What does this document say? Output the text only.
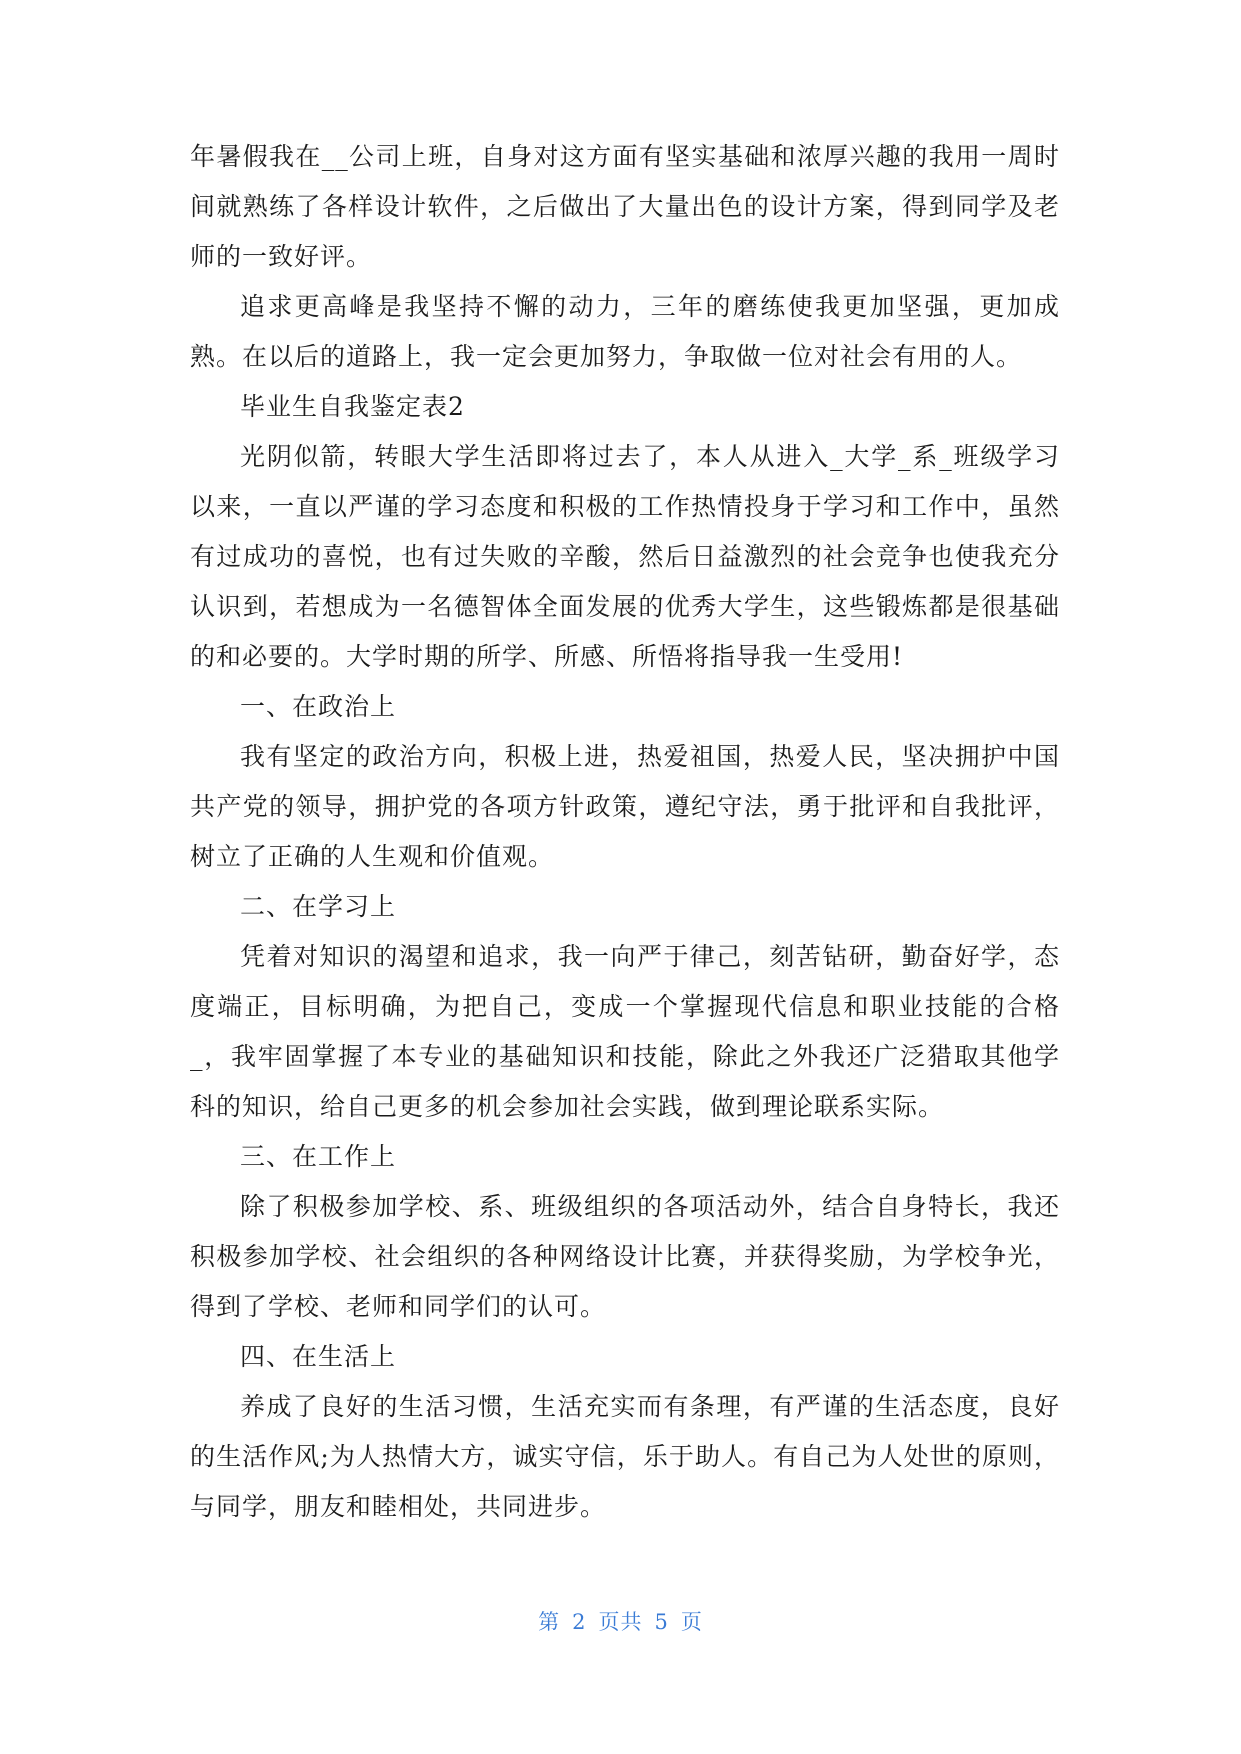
年暑假我在__公司上班，自身对这方面有坚实基础和浓厚兴趣的我用一周时间就熟练了各样设计软件，之后做出了大量出色的设计方案，得到同学及老师的一致好评。

追求更高峰是我坚持不懈的动力，三年的磨练使我更加坚强，更加成熟。在以后的道路上，我一定会更加努力，争取做一位对社会有用的人。

毕业生自我鉴定表2

光阴似箭，转眼大学生活即将过去了，本人从进入_大学_系_班级学习以来，一直以严谨的学习态度和积极的工作热情投身于学习和工作中，虽然有过成功的喜悦，也有过失败的辛酸，然后日益激烈的社会竞争也使我充分认识到，若想成为一名德智体全面发展的优秀大学生，这些锻炼都是很基础的和必要的。大学时期的所学、所感、所悟将指导我一生受用!

一、在政治上

我有坚定的政治方向，积极上进，热爱祖国，热爱人民，坚决拥护中国共产党的领导，拥护党的各项方针政策，遵纪守法，勇于批评和自我批评，树立了正确的人生观和价值观。

二、在学习上

凭着对知识的渴望和追求，我一向严于律己，刻苦钻研，勤奋好学，态度端正，目标明确，为把自己，变成一个掌握现代信息和职业技能的合格_，我牢固掌握了本专业的基础知识和技能，除此之外我还广泛猎取其他学科的知识，给自己更多的机会参加社会实践，做到理论联系实际。

三、在工作上

除了积极参加学校、系、班级组织的各项活动外，结合自身特长，我还积极参加学校、社会组织的各种网络设计比赛，并获得奖励，为学校争光，得到了学校、老师和同学们的认可。

四、在生活上

养成了良好的生活习惯，生活充实而有条理，有严谨的生活态度，良好的生活作风;为人热情大方，诚实守信，乐于助人。有自己为人处世的原则，与同学，朋友和睦相处，共同进步。

第 2 页共 5 页
